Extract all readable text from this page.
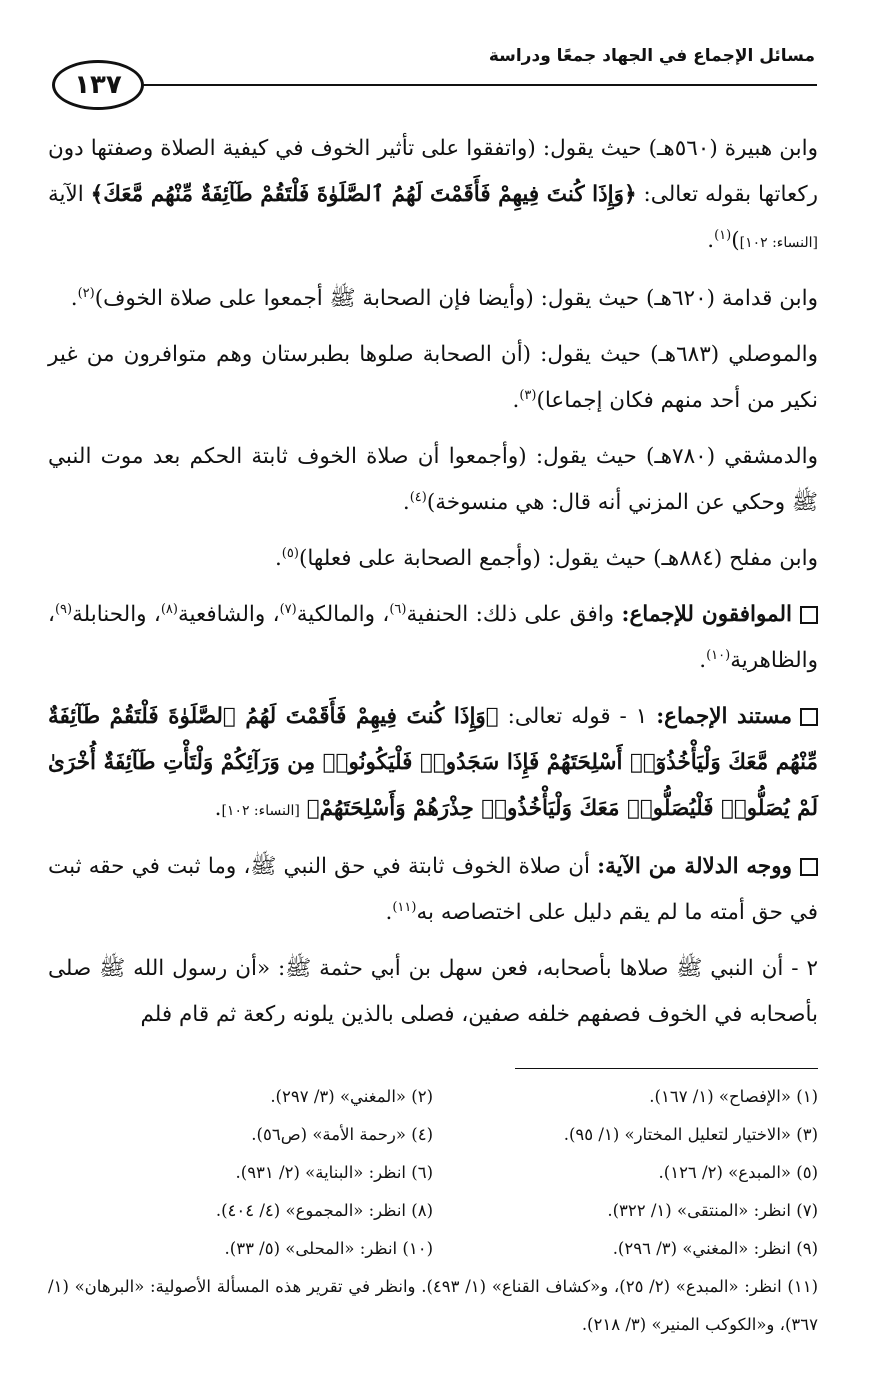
مسائل الإجماع في الجهاد جمعًا ودراسة
١٣٧

وابن هبيرة (٥٦٠هـ) حيث يقول: (واتفقوا على تأثير الخوف في كيفية الصلاة وصفتها دون ركعاتها بقوله تعالى: ﴿وَإِذَا كُنتَ فِيهِمْ فَأَقَمْتَ لَهُمُ ٱلصَّلَوٰةَ فَلْتَقُمْ طَآئِفَةٌ مِّنْهُم مَّعَكَ﴾ الآية [النساء: ١٠٢])$^{(١)}$.

وابن قدامة (٦٢٠هـ) حيث يقول: (وأيضا فإن الصحابة ﷺ أجمعوا على صلاة الخوف)$^{(٢)}$.

والموصلي (٦٨٣هـ) حيث يقول: (أن الصحابة صلوها بطبرستان وهم متوافرون من غير نكير من أحد منهم فكان إجماعا)$^{(٣)}$.

والدمشقي (٧٨٠هـ) حيث يقول: (وأجمعوا أن صلاة الخوف ثابتة الحكم بعد موت النبي ﷺ وحكي عن المزني أنه قال: هي منسوخة)$^{(٤)}$.

وابن مفلح (٨٨٤هـ) حيث يقول: (وأجمع الصحابة على فعلها)$^{(٥)}$.

الموافقون للإجماع: وافق على ذلك: الحنفية$^{(٦)}$، والمالكية$^{(٧)}$، والشافعية$^{(٨)}$، والحنابلة$^{(٩)}$، والظاهرية$^{(١٠)}$.

مستند الإجماع: ١ - قوله تعالى: ﴿وَإِذَا كُنتَ فِيهِمْ فَأَقَمْتَ لَهُمُ ٱلصَّلَوٰةَ فَلْتَقُمْ طَآئِفَةٌ مِّنْهُم مَّعَكَ وَلْيَأْخُذُوٓا۟ أَسْلِحَتَهُمْ فَإِذَا سَجَدُوا۟ فَلْيَكُونُوا۟ مِن وَرَآئِكُمْ وَلْتَأْتِ طَآئِفَةٌ أُخْرَىٰ لَمْ يُصَلُّوا۟ فَلْيُصَلُّوا۟ مَعَكَ وَلْيَأْخُذُوا۟ حِذْرَهُمْ وَأَسْلِحَتَهُمْ﴾ [النساء: ١٠٢].

ووجه الدلالة من الآية: أن صلاة الخوف ثابتة في حق النبي ﷺ، وما ثبت في حقه ثبت في حق أمته ما لم يقم دليل على اختصاصه به$^{(١١)}$.

٢ - أن النبي ﷺ صلاها بأصحابه، فعن سهل بن أبي حثمة ﷺ: «أن رسول الله ﷺ صلى بأصحابه في الخوف فصفهم خلفه صفين، فصلى بالذين يلونه ركعة ثم قام فلم

(١) «الإفصاح» (١/ ١٦٧).
(٢) «المغني» (٣/ ٢٩٧).
(٣) «الاختيار لتعليل المختار» (١/ ٩٥).
(٤) «رحمة الأمة» (ص٥٦).
(٥) «المبدع» (٢/ ١٢٦).
(٦) انظر: «البناية» (٢/ ٩٣١).
(٧) انظر: «المنتقى» (١/ ٣٢٢).
(٨) انظر: «المجموع» (٤/ ٤٠٤).
(٩) انظر: «المغني» (٣/ ٢٩٦).
(١٠) انظر: «المحلى» (٥/ ٣٣).
(١١) انظر: «المبدع» (٢/ ٢٥)، و«كشاف القناع» (١/ ٤٩٣). وانظر في تقرير هذه المسألة الأصولية: «البرهان» (١/ ٣٦٧)، و«الكوكب المنير» (٣/ ٢١٨).
